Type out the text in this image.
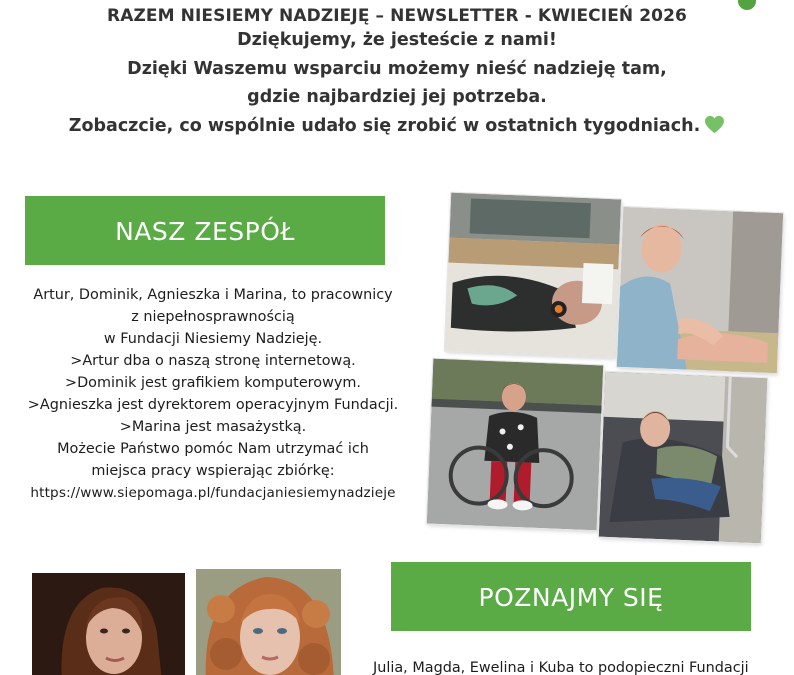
RAZEM NIESIEMY NADZIEJĘ – NEWSLETTER - KWIECIEŃ 2026
Dziękujemy, że jesteście z nami!
Dzięki Waszemu wsparciu możemy nieść nadzieję tam,
gdzie najbardziej jej potrzeba.
Zobaczcie, co wspólnie udało się zrobić w ostatnich tygodniach.
NASZ ZESPÓŁ
Artur, Dominik, Agnieszka i Marina, to pracownicy
z niepełnosprawnością
w Fundacji Niesiemy Nadzieję.
>Artur dba o naszą stronę internetową.
>Dominik jest grafikiem komputerowym.
>Agnieszka jest dyrektorem operacyjnym Fundacji.
>Marina jest masażystką.
Możecie Państwo pomóc Nam utrzymać ich
miejsca pracy wspierając zbiórkę:
https://www.siepomaga.pl/fundacjaniesiemynadzieje
POZNAJMY SIĘ
Julia, Magda, Ewelina i Kuba to podopieczni Fundacji
